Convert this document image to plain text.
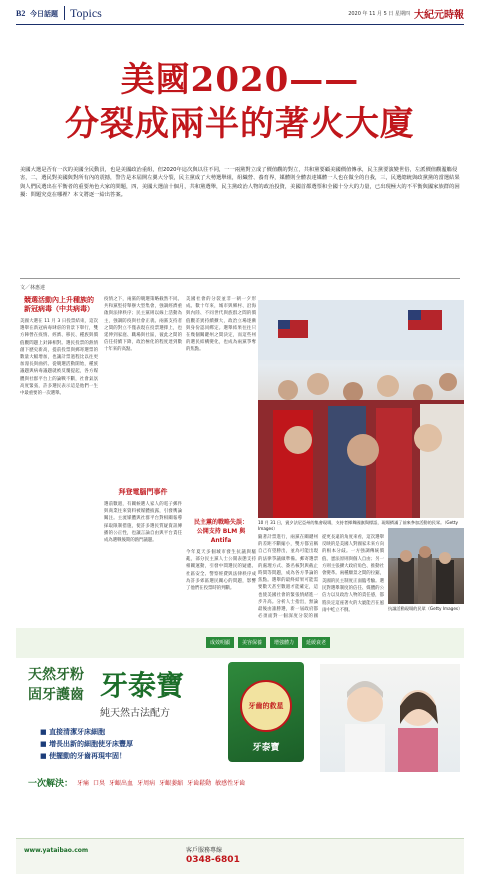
B2 今日話題 Topics	2020 年 11 月 5 日 星期四 大紀元時報
美國2020——
分裂成兩半的著火大廈
美國大選是否有一次的美國全民動員，也是美國政治重組，但2020年這次與以往不同，一一兩黨對立成了價值觀的對立，共和黨要顧美國價值傳承，民主黨要演變世俗，左派價值觀濫觴侵害，二，選民對美國與對所有內的震撼，警告是本屆開左翼大分裂，民主黨成了大勢選舉組，組織營、養育界，媒體則全體表達媒體一人也在做全的自我，三，民選總統與政黨黨的當選結果與人們民選出在平衡者的重要角色大家的問題，四，美國大選前十個月，共和黨選舉，民主黨政治人物的政治投資，美國首都選票和全國十分大的力量，已出現極大的不平衡與國家族群的困擾：問題究竟在哪裡？本文將逐一給出答案。
文／林惠達
競選活動內上升種族的
新冠病毒（中共病毒）
美國大選在 11 月 3 日投票結束，這次選舉在新冠病毒肆虐的背景下舉行，雙方陣營在疫情、經濟、移民、種族與價值觀問題上針鋒相對。選民投票的熱情創下歷史新高，提前投票與郵寄選票的數量大幅增加，也讓計票過程比以往更加漫長與曲折。從競選活動開始，種族議題與病毒議題就被反覆提起，各方媒體與社群平台上的論戰不斷，社會氣氛高度緊張，許多選民表示這是他們一生中最重要的一次選舉。
疫情之下，兩黨的競選策略截然不同。共和黨堅持舉辦大型集會，強調經濟重啟與法律秩序；民主黨則以線上活動為主，強調防疫與社會正義。兩黨支持者之間的對立不僅表現在投票選擇上，也延伸到家庭、職場與社區，彼此之間的信任持續下降，政治極化的程度達到數十年來的高點。
拜登電腦門事件
選前數週，有關候選人家人的電子郵件與商業往來資料被媒體披露，引發輿論關注。主流媒體與社群平台對相關報導採取限制措施，使許多選民質疑資訊傳播的公正性，也讓言論自由與平台責任成為選戰後期的熱門議題。
美國社會的分裂並非一朝一夕形成。數十年來，城市與鄉村、沿海與內陸、不同世代與族群之間的價值觀差異持續擴大，政治立場逐漸與身份認同綁定。選舉結果往往只在幾個關鍵州之間決定，而這些州的選民結構變化，也成為兩黨爭奪的焦點。
民主黨的戰略失誤：
公開支持 BLM 與 Antifa
今年夏天多個城市發生抗議與騷亂，部分民主黨人士公開表態支持相關運動，引發中間選民的疑慮。社區安全、警察經費與法律秩序成為許多郊區選民關心的問題，影響了他們在投票時的判斷。
10 月 31 日，賓夕法尼亞州的集會現場，支持者揮舞國旗與標語，現場擠滿了前來參加活動的民眾。（Getty Images）
隨著計票進行，兩黨在關鍵州的差距不斷縮小，雙方都宣稱自己有望勝出，並為可能出現的法律爭議做準備。郵寄選票的處理方式、簽名核對與截止時間等問題，成為各方爭論的焦點。選舉的最終結果可能需要數天甚至數週才能確定，這也使美國社會的緊張情緒進一步升高。分析人士指出，無論最後由誰勝選，新一屆政府都必須面對一個深度分裂的國
從更長遠的角度來看，這次選舉反映的是美國人對國家未來方向的根本分歧。一方強調傳統價值、憲法原則與個人自由；另一方則主張擴大政府角色、推動社會變革。兩種願景之間的拉鋸，
美國的民主制度正面臨考驗。選民對選舉制度的信任、媒體的公信力以及政治人物的責任感，都將決定這座著火的大廈能否在風雨中屹立不倒。	抗議活動現場的民眾（Getty Images）
成效明顯	美容保養	增強體力	延緩衰老
天然牙粉
固牙護齒 牙泰寶
純天然古法配方
■ 直接清潔牙床細胞
■ 增長出新的細胞使牙床豐厚
■ 使擺動的牙齒再現牢固！
牙齒的救星
牙泰寶
一次解決： 牙痛 口臭 牙齦出血 牙周病 牙齦萎縮 牙齒鬆動 敏感性牙齒
www.yataibao.com	客戶服務專線
0348-6801
